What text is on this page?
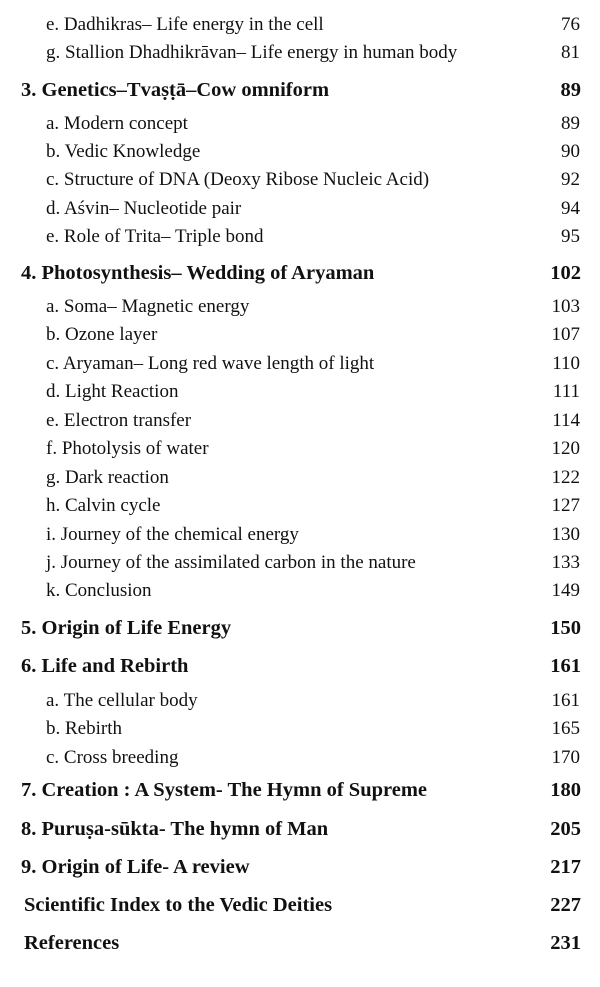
e. Dadhikras– Life energy in the cell	76
g. Stallion Dhadhikrāvan– Life energy in human body	81
3. Genetics–Tvaṣṭā–Cow omniform	89
a. Modern concept	89
b. Vedic Knowledge	90
c. Structure of DNA (Deoxy Ribose Nucleic Acid)	92
d. Aśvin– Nucleotide pair	94
e. Role of Trita– Triple bond	95
4. Photosynthesis– Wedding of Aryaman	102
a. Soma– Magnetic energy	103
b. Ozone layer	107
c. Aryaman– Long red wave length of light	110
d. Light Reaction	111
e. Electron transfer	114
f. Photolysis of water	120
g. Dark reaction	122
h. Calvin cycle	127
i. Journey of the chemical energy	130
j. Journey of the assimilated carbon in the nature	133
k. Conclusion	149
5. Origin of Life Energy	150
6. Life and Rebirth	161
a. The cellular body	161
b. Rebirth	165
c. Cross breeding	170
7. Creation : A System- The Hymn of Supreme	180
8. Puruṣa-sūkta- The hymn of Man	205
9. Origin of Life- A review	217
Scientific Index to the Vedic Deities	227
References	231
